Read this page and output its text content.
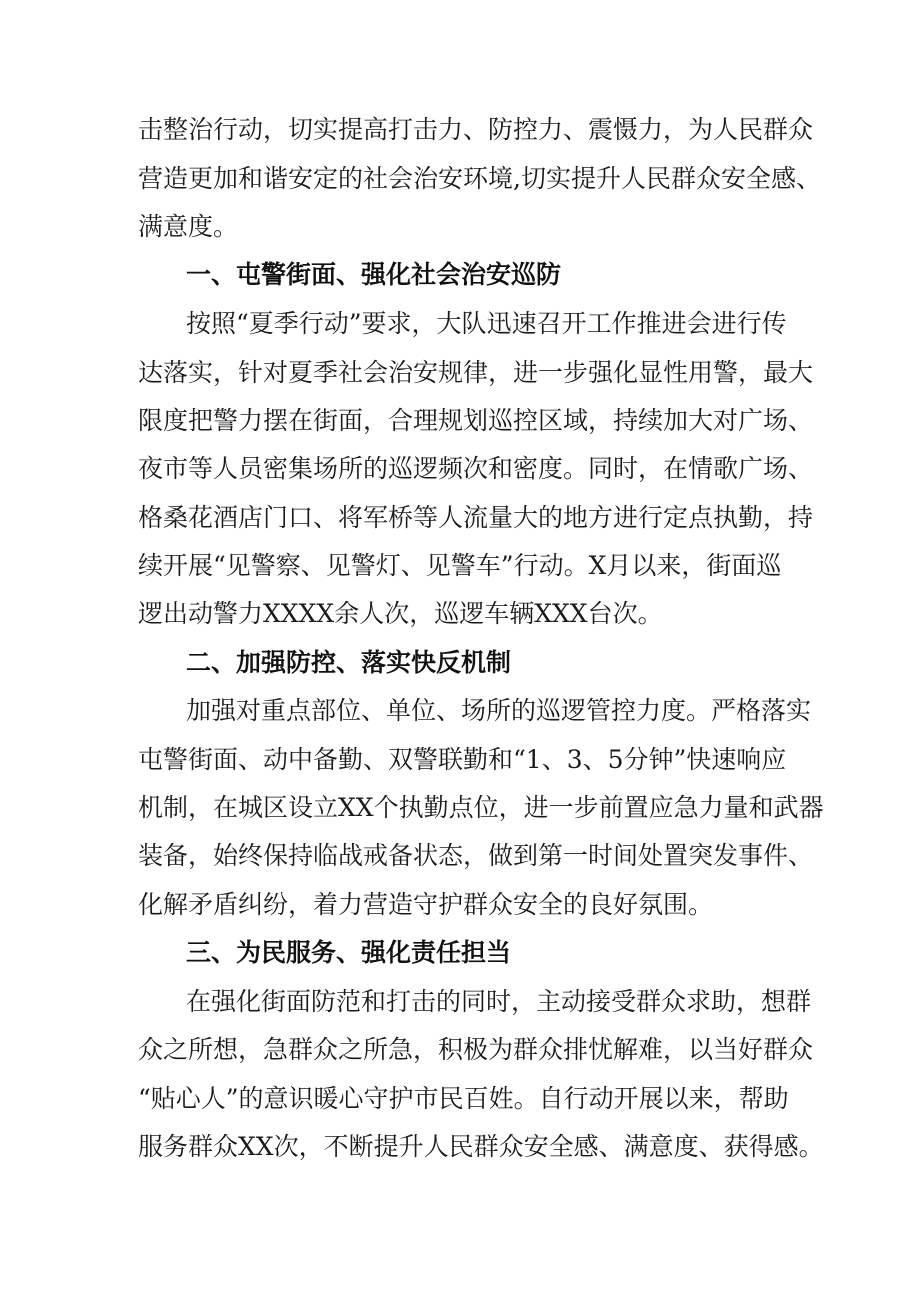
击整治行动，切实提高打击力、防控力、震慑力，为人民群众

营造更加和谐安定的社会治安环境,切实提升人民群众安全感、

满意度。

一、屯警街面、强化社会治安巡防

按照“夏季行动”要求，大队迅速召开工作推进会进行传

达落实，针对夏季社会治安规律，进一步强化显性用警，最大

限度把警力摆在街面，合理规划巡控区域，持续加大对广场、

夜市等人员密集场所的巡逻频次和密度。同时，在情歌广场、

格桑花酒店门口、将军桥等人流量大的地方进行定点执勤，持

续开展“见警察、见警灯、见警车”行动。X月以来，街面巡

逻出动警力XXXX余人次，巡逻车辆XXX台次。

二、加强防控、落实快反机制

加强对重点部位、单位、场所的巡逻管控力度。严格落实

屯警街面、动中备勤、双警联勤和“1、3、5分钟”快速响应

机制，在城区设立XX个执勤点位，进一步前置应急力量和武器

装备，始终保持临战戒备状态，做到第一时间处置突发事件、

化解矛盾纠纷，着力营造守护群众安全的良好氛围。

三、为民服务、强化责任担当

在强化街面防范和打击的同时，主动接受群众求助，想群

众之所想，急群众之所急，积极为群众排忧解难，以当好群众

“贴心人”的意识暖心守护市民百姓。自行动开展以来，帮助

服务群众XX次，不断提升人民群众安全感、满意度、获得感。
